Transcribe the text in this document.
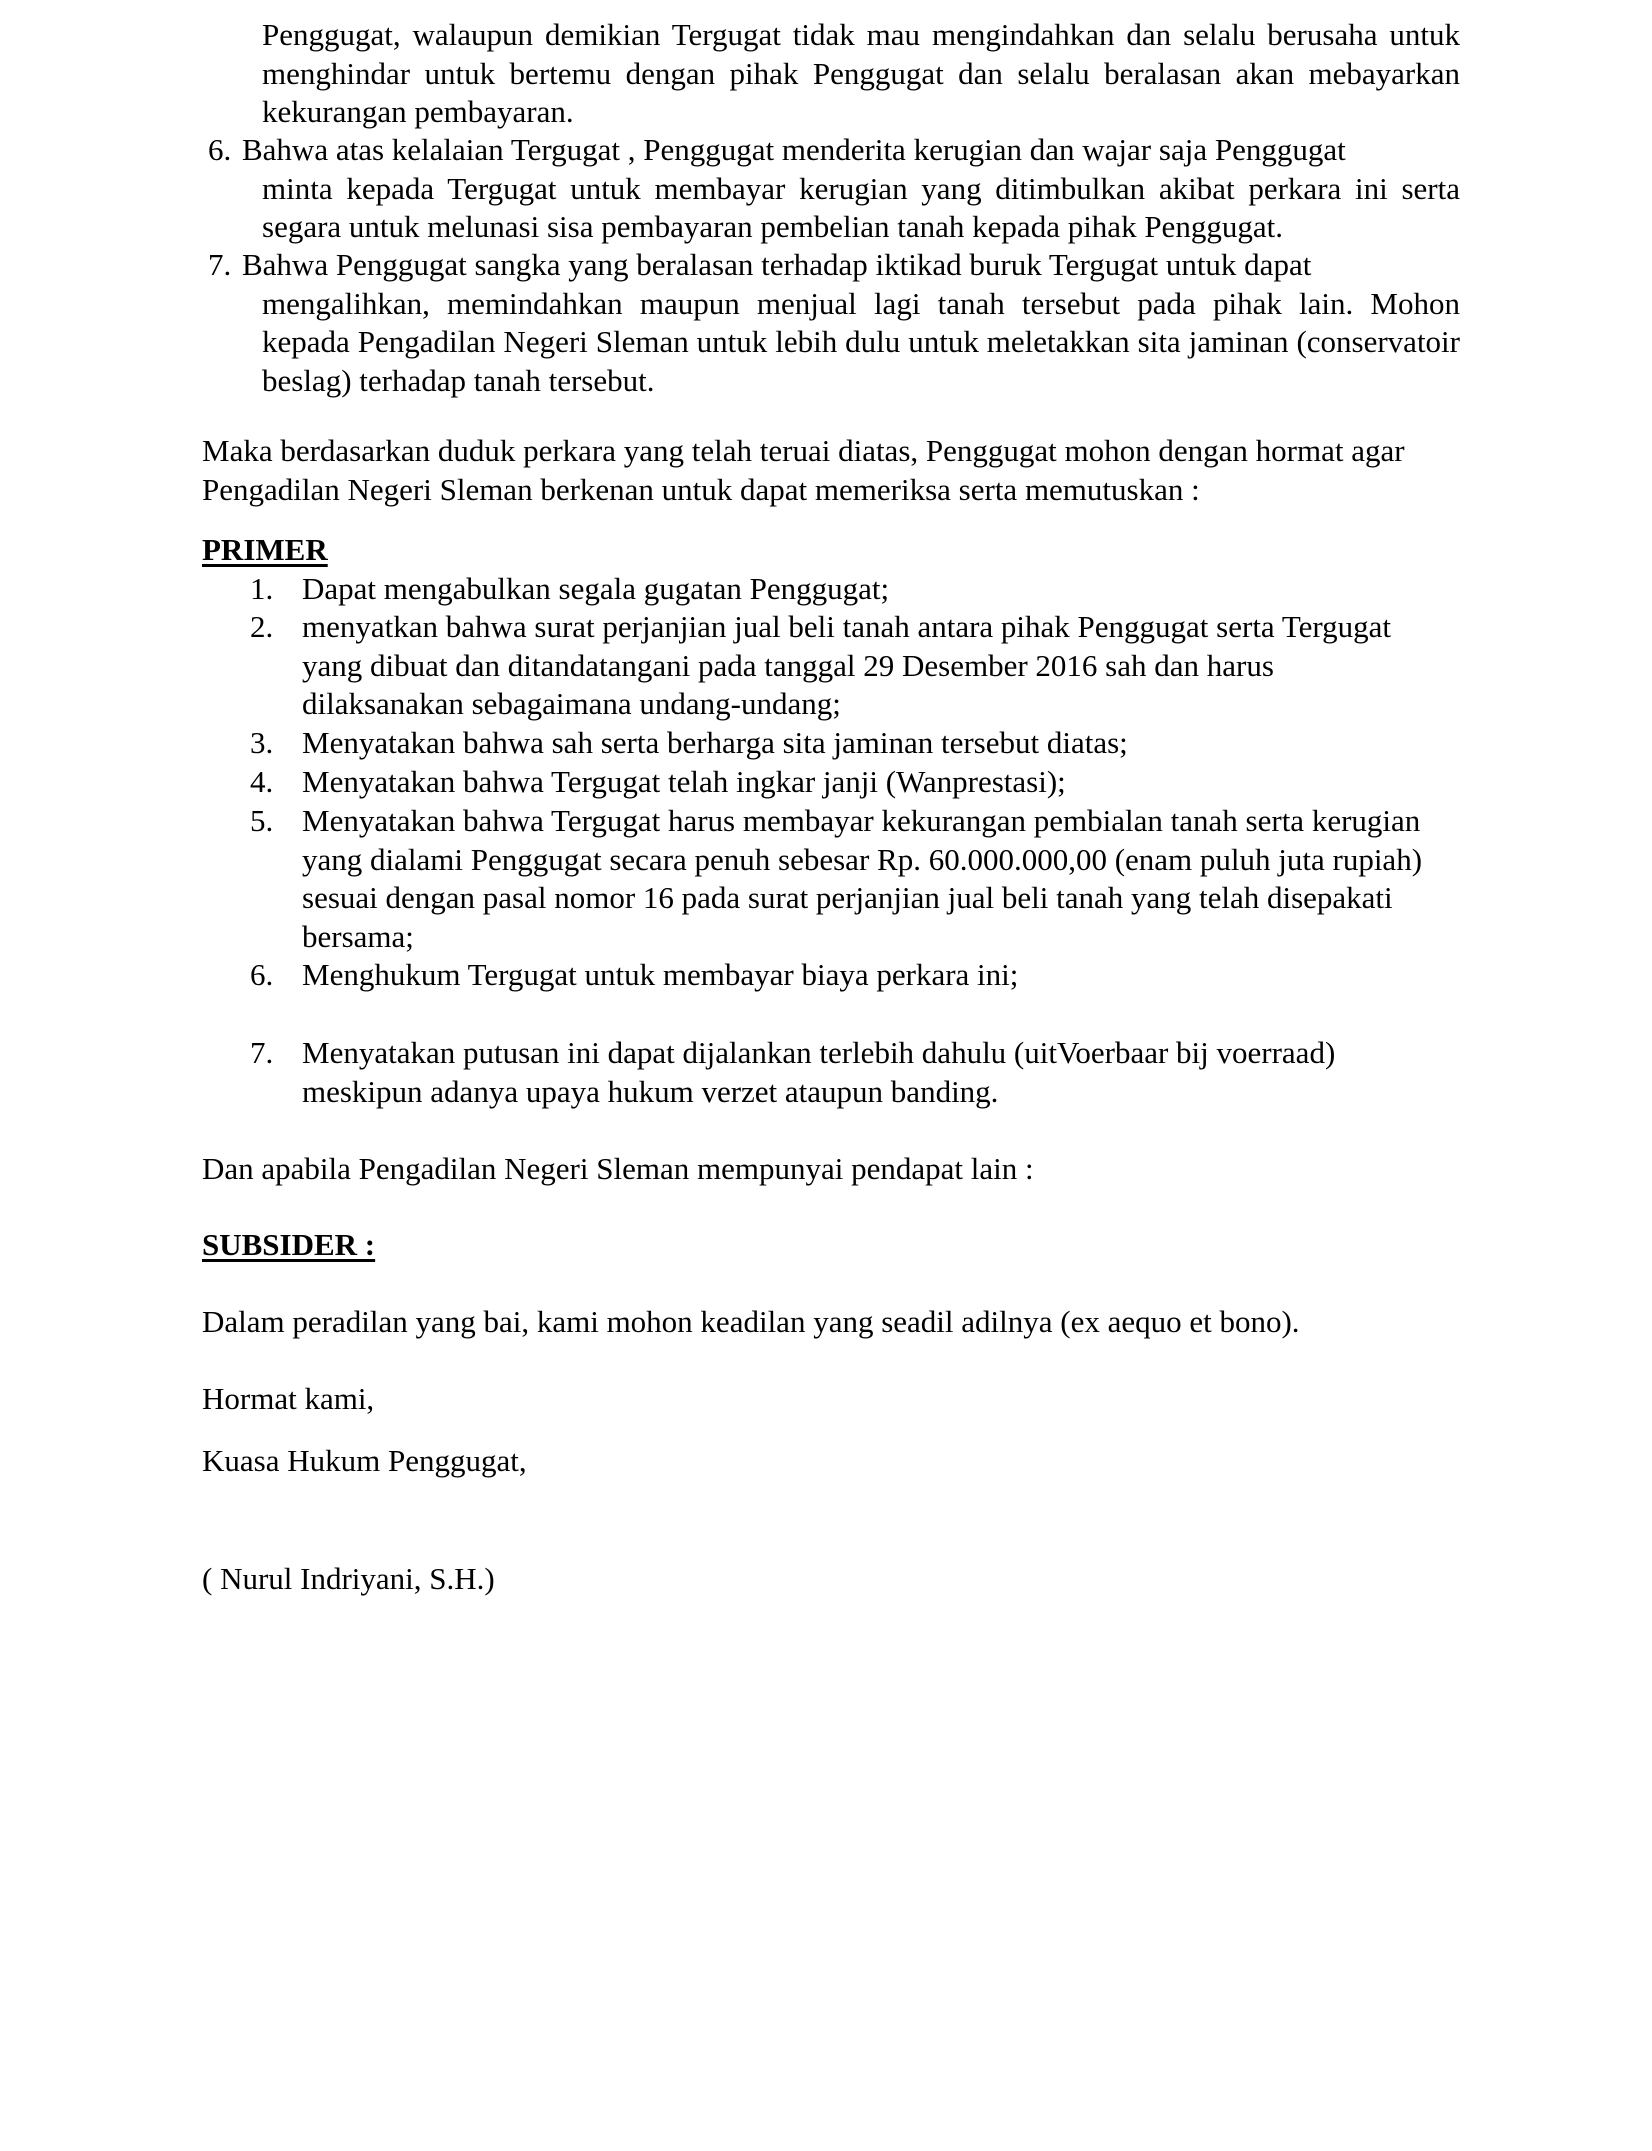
Penggugat, walaupun demikian Tergugat tidak mau mengindahkan dan selalu berusaha untuk menghindar untuk bertemu dengan pihak Penggugat dan selalu beralasan akan mebayarkan kekurangan pembayaran.

6. Bahwa atas kelalaian Tergugat , Penggugat menderita kerugian dan wajar saja Penggugat
minta kepada Tergugat untuk membayar kerugian yang ditimbulkan akibat perkara ini serta segara untuk melunasi sisa pembayaran pembelian tanah kepada pihak Penggugat.
7. Bahwa Penggugat sangka yang beralasan terhadap iktikad buruk Tergugat untuk dapat
mengalihkan, memindahkan maupun menjual lagi tanah tersebut pada pihak lain. Mohon kepada Pengadilan Negeri Sleman untuk lebih dulu untuk meletakkan sita jaminan (conservatoir beslag) terhadap tanah tersebut.

Maka berdasarkan duduk perkara yang telah teruai diatas, Penggugat mohon dengan hormat agar Pengadilan Negeri Sleman berkenan untuk dapat memeriksa serta memutuskan :

PRIMER

1. Dapat mengabulkan segala gugatan Penggugat;
2. menyatkan bahwa surat perjanjian jual beli tanah antara pihak Penggugat serta Tergugat yang dibuat dan ditandatangani pada tanggal 29 Desember 2016 sah dan harus dilaksanakan sebagaimana undang-undang;
3. Menyatakan bahwa sah serta berharga sita jaminan tersebut diatas;
4. Menyatakan bahwa Tergugat telah ingkar janji (Wanprestasi);
5. Menyatakan bahwa Tergugat harus membayar kekurangan pembialan tanah serta kerugian yang dialami Penggugat secara penuh sebesar Rp. 60.000.000,00 (enam puluh juta rupiah) sesuai dengan pasal nomor 16 pada surat perjanjian jual beli tanah yang telah disepakati bersama;
6. Menghukum Tergugat untuk membayar biaya perkara ini;
7. Menyatakan putusan ini dapat dijalankan terlebih dahulu (uitVoerbaar bij voerraad) meskipun adanya upaya hukum verzet ataupun banding.

Dan apabila Pengadilan Negeri Sleman mempunyai pendapat lain :

SUBSIDER :

Dalam peradilan yang bai, kami mohon keadilan yang seadil adilnya (ex aequo et bono).

Hormat kami,

Kuasa Hukum Penggugat,

( Nurul Indriyani, S.H.)
